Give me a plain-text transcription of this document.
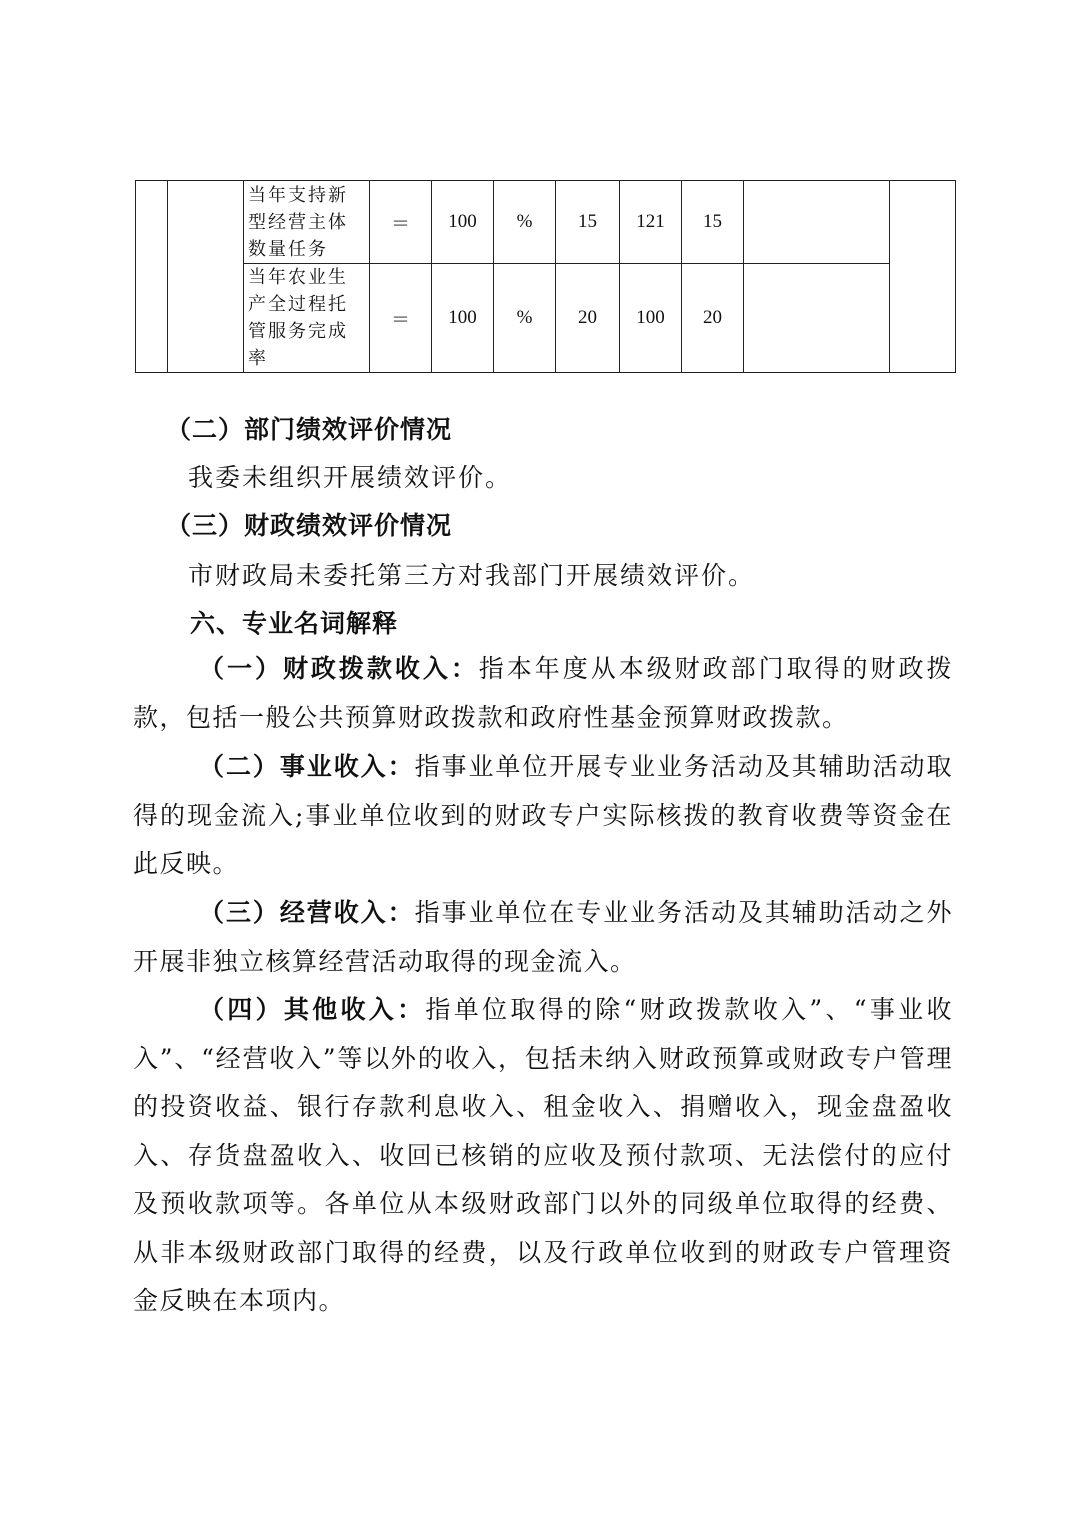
		当年支持新型经营主体数量任务	＝	100	%	15	121	15		
		当年农业生产全过程托管服务完成率	＝	100	%	20	100	20		
（二）部门绩效评价情况

我委未组织开展绩效评价。

（三）财政绩效评价情况

市财政局未委托第三方对我部门开展绩效评价。

六、专业名词解释

（一）财政拨款收入：指本年度从本级财政部门取得的财政拨款，包括一般公共预算财政拨款和政府性基金预算财政拨款。

（二）事业收入：指事业单位开展专业业务活动及其辅助活动取得的现金流入;事业单位收到的财政专户实际核拨的教育收费等资金在此反映。

（三）经营收入：指事业单位在专业业务活动及其辅助活动之外开展非独立核算经营活动取得的现金流入。

（四）其他收入：指单位取得的除“财政拨款收入”、“事业收入”、“经营收入”等以外的收入，包括未纳入财政预算或财政专户管理的投资收益、银行存款利息收入、租金收入、捐赠收入，现金盘盈收入、存货盘盈收入、收回已核销的应收及预付款项、无法偿付的应付及预收款项等。各单位从本级财政部门以外的同级单位取得的经费、从非本级财政部门取得的经费，以及行政单位收到的财政专户管理资金反映在本项内。
